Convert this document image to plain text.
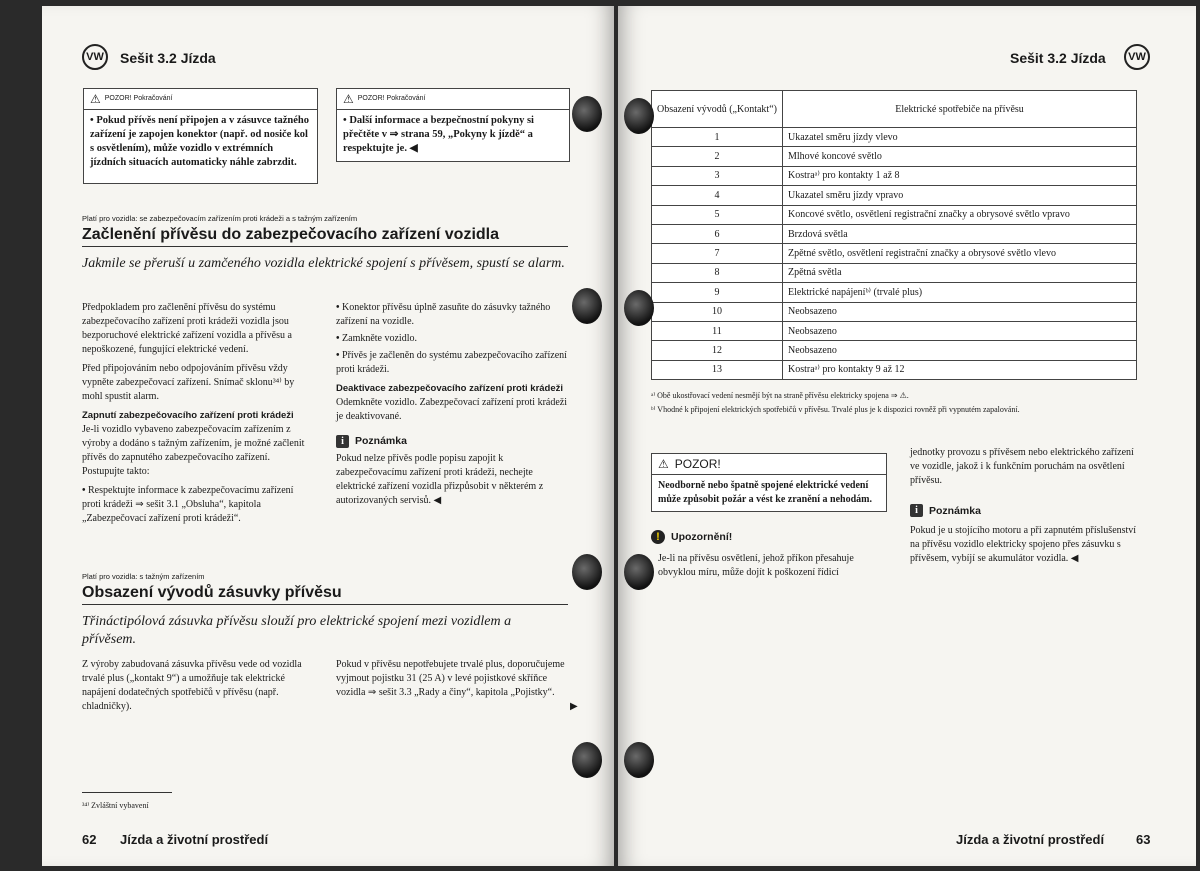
VW Sešit 3.2 Jízda
⚠ POZOR! Pokračování
• Pokud přívěs není připojen a v zásuvce tažného zařízení je zapojen konektor (např. od nosiče kol s osvětlením), může vozidlo v extrémních jízdních situacích automaticky náhle zabrzdit.
⚠ POZOR! Pokračování
• Další informace a bezpečnostní pokyny si přečtěte v ⇒ strana 59, „Pokyny k jízdě“ a respektujte je. ◀
Platí pro vozidla: se zabezpečovacím zařízením proti krádeži a s tažným zařízením
Začlenění přívěsu do zabezpečovacího zařízení vozidla
Jakmile se přeruší u zamčeného vozidla elektrické spojení s přívěsem, spustí se alarm.

Předpokladem pro začlenění přívěsu do systému zabezpečovacího zařízení proti krádeži vozidla jsou bezporuchové elektrické zařízení vozidla a přívěsu a nepoškozené, fungující elektrické vedení.

Před připojováním nebo odpojováním přívěsu vždy vypněte zabezpečovací zařízení. Snímač sklonu³⁴⁾ by mohl spustit alarm.

Zapnutí zabezpečovacího zařízení proti krádeži

Je-li vozidlo vybaveno zabezpečovacím zařízením z výroby a dodáno s tažným zařízením, je možné začlenit přívěs do zapnutého zabezpečovacího zařízení. Postupujte takto:

• Respektujte informace k zabezpečovacímu zařízení proti krádeži ⇒ sešit 3.1 „Obsluha“, kapitola „Zabezpečovací zařízení proti krádeži“.

• Konektor přívěsu úplně zasuňte do zásuvky tažného zařízení na vozidle.

• Zamkněte vozidlo.

• Přívěs je začleněn do systému zabezpečovacího zařízení proti krádeži.

Deaktivace zabezpečovacího zařízení proti krádeži

Odemkněte vozidlo. Zabezpečovací zařízení proti krádeži je deaktivované.

i	Poznámka

Pokud nelze přívěs podle popisu zapojit k zabezpečovacímu zařízení proti krádeži, nechejte elektrické zařízení vozidla přizpůsobit v některém z autorizovaných servisů. ◀

Platí pro vozidla: s tažným zařízením
Obsazení vývodů zásuvky přívěsu
Třináctipólová zásuvka přívěsu slouží pro elektrické spojení mezi vozidlem a přívěsem.

Z výroby zabudovaná zásuvka přívěsu vede od vozidla trvalé plus („kontakt 9“) a umožňuje tak elektrické napájení dodatečných spotřebičů v přívěsu (např. chladničky).

Pokud v přívěsu nepotřebujete trvalé plus, doporučujeme vyjmout pojistku 31 (25 A) v levé pojistkové skříňce vozidla ⇒ sešit 3.3 „Rady a činy“, kapitola „Pojistky“.

▶
³⁴⁾ Zvláštní vybavení
62 Jízda a životní prostředí
Sešit 3.2 Jízda	VW
Obsazení vývodů („Kontakt“)	Elektrické spotřebiče na přívěsu
1	Ukazatel směru jízdy vlevo
2	Mlhové koncové světlo
3	Kostraᵃ⁾ pro kontakty 1 až 8
4	Ukazatel směru jízdy vpravo
5	Koncové světlo, osvětlení registrační značky a obrysové světlo vpravo
6	Brzdová světla
7	Zpětné světlo, osvětlení registrační značky a obrysové světlo vlevo
8	Zpětná světla
9	Elektrické napájeníᵇ⁾ (trvalé plus)
10	Neobsazeno
11	Neobsazeno
12	Neobsazeno
13	Kostraᵃ⁾ pro kontakty 9 až 12
ᵃ⁾ Obě ukostřovací vedení nesmějí být na straně přívěsu elektricky spojena ⇒ ⚠.
ᵇ⁾ Vhodné k připojení elektrických spotřebičů v přívěsu. Trvalé plus je k dispozici rovněž při vypnutém zapalování.
⚠ POZOR!
Neodborně nebo špatně spojené elektrické vedení může způsobit požár a vést ke zranění a nehodám.
!	Upozornění!
Je-li na přívěsu osvětlení, jehož příkon přesahuje obvyklou míru, může dojít k poškození řídicí
jednotky provozu s přívěsem nebo elektrického zařízení ve vozidle, jakož i k funkčním poruchám na osvětlení přívěsu.
i	Poznámka
Pokud je u stojícího motoru a při zapnutém příslušenství na přívěsu vozidlo elektricky spojeno přes zásuvku s přívěsem, vybíjí se akumulátor vozidla. ◀
Jízda a životní prostředí 63
